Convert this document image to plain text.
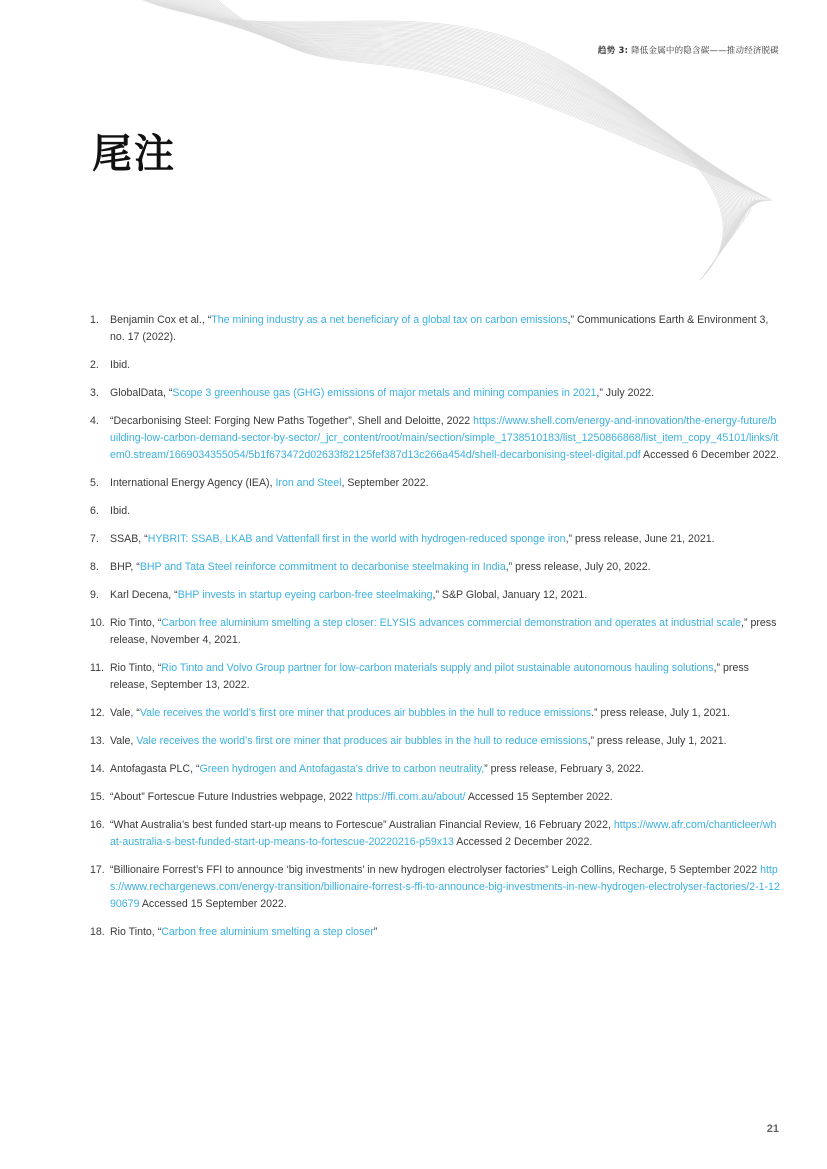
趋势 3: 降低金属中的隐含碳——推动经济脱碳
尾注
1.	Benjamin Cox et al., “The mining industry as a net beneficiary of a global tax on carbon emissions,” Communications Earth & Environment 3, no. 17 (2022).
2.	Ibid.
3.	GlobalData, “Scope 3 greenhouse gas (GHG) emissions of major metals and mining companies in 2021,” July 2022.
4.	“Decarbonising Steel: Forging New Paths Together”, Shell and Deloitte, 2022 https://www.shell.com/energy-and-innovation/the-energy-future/building-low-carbon-demand-sector-by-sector/_jcr_content/root/main/section/simple_1738510183/list_1250866868/list_item_copy_45101/links/item0.stream/1669034355054/5b1f673472d02633f82125fef387d13c266a454d/shell-decarbonising-steel-digital.pdf Accessed 6 December 2022.
5.	International Energy Agency (IEA), Iron and Steel, September 2022.
6.	Ibid.
7.	SSAB, “HYBRIT: SSAB, LKAB and Vattenfall first in the world with hydrogen-reduced sponge iron,” press release, June 21, 2021.
8.	BHP, “BHP and Tata Steel reinforce commitment to decarbonise steelmaking in India,” press release, July 20, 2022.
9.	Karl Decena, “BHP invests in startup eyeing carbon-free steelmaking,” S&P Global, January 12, 2021.
10. Rio Tinto, “Carbon free aluminium smelting a step closer: ELYSIS advances commercial demonstration and operates at industrial scale,” press release, November 4, 2021.
11. Rio Tinto, “Rio Tinto and Volvo Group partner for low-carbon materials supply and pilot sustainable autonomous hauling solutions,” press release, September 13, 2022.
12. Vale, “Vale receives the world’s first ore miner that produces air bubbles in the hull to reduce emissions.” press release, July 1, 2021.
13. Vale, Vale receives the world’s first ore miner that produces air bubbles in the hull to reduce emissions,” press release, July 1, 2021.
14. Antofagasta PLC, “Green hydrogen and Antofagasta’s drive to carbon neutrality,” press release, February 3, 2022.
15. “About” Fortescue Future Industries webpage, 2022 https://ffi.com.au/about/ Accessed 15 September 2022.
16. “What Australia’s best funded start-up means to Fortescue” Australian Financial Review, 16 February 2022, https://www.afr.com/chanticleer/what-australia-s-best-funded-start-up-means-to-fortescue-20220216-p59x13 Accessed 2 December 2022.
17. “Billionaire Forrest’s FFI to announce ‘big investments’ in new hydrogen electrolyser factories” Leigh Collins, Recharge, 5 September 2022 https://www.rechargenews.com/energy-transition/billionaire-forrest-s-ffi-to-announce-big-investments-in-new-hydrogen-electrolyser-factories/2-1-1290679 Accessed 15 September 2022.
18. Rio Tinto, “Carbon free aluminium smelting a step closer”
21
